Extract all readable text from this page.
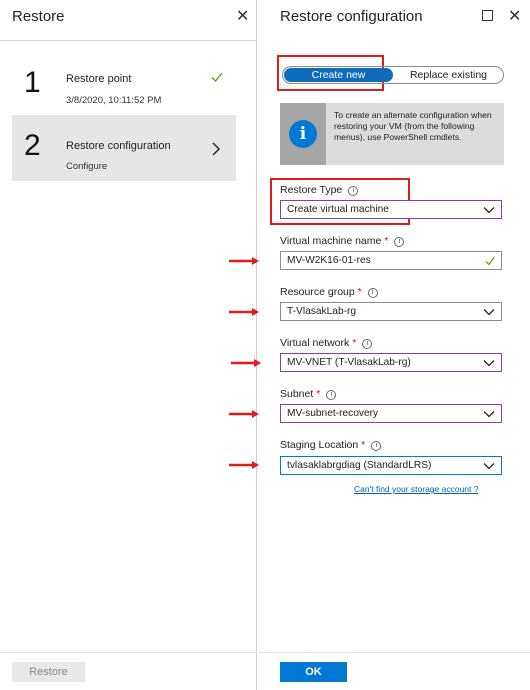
Restore	✕
1 Restore point
3/8/2020, 10:11:52 PM
2 Restore configuration
Configure
Restore
Restore configuration	✕
Create new	Replace existing
i
To create an alternate configuration when restoring your VM (from the following menus), use PowerShell cmdlets.
Restore Type i
Create virtual machine
Virtual machine name * i
MV-W2K16-01-res
Resource group * i
T-VlasakLab-rg
Virtual network * i
MV-VNET (T-VlasakLab-rg)
Subnet * i
MV-subnet-recovery
Staging Location * i
tvlasaklabrgdiag (StandardLRS)
Can't find your storage account ?
OK
